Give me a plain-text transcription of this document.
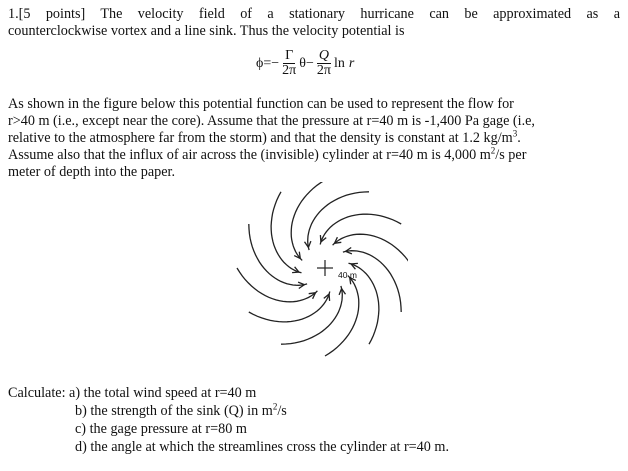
1.[5 points] The velocity field of a stationary hurricane can be approximated as a
counterclockwise vortex and a line sink. Thus the velocity potential is
$\phi=- \frac{\Gamma}{2\pi} \theta- \frac{Q}{2\pi}$ ln r
As shown in the figure below this potential function can be used to represent the flow for
r>40 m (i.e., except near the core). Assume that the pressure at r=40 m is -1,400 Pa gage (i.e,
relative to the atmosphere far from the storm) and that the density is constant at 1.2 $kg/m^3$.
Assume also that the influx of air across the (invisible) cylinder at r=40 m is 4,000 $m^2/s$ per
meter of depth into the paper.
40 m
Calculate: a) the total wind speed at r=40 m
b) the strength of the sink (Q) in $m^2/s$
c) the gage pressure at r=80 m
d) the angle at which the streamlines cross the cylinder at r=40 m.
